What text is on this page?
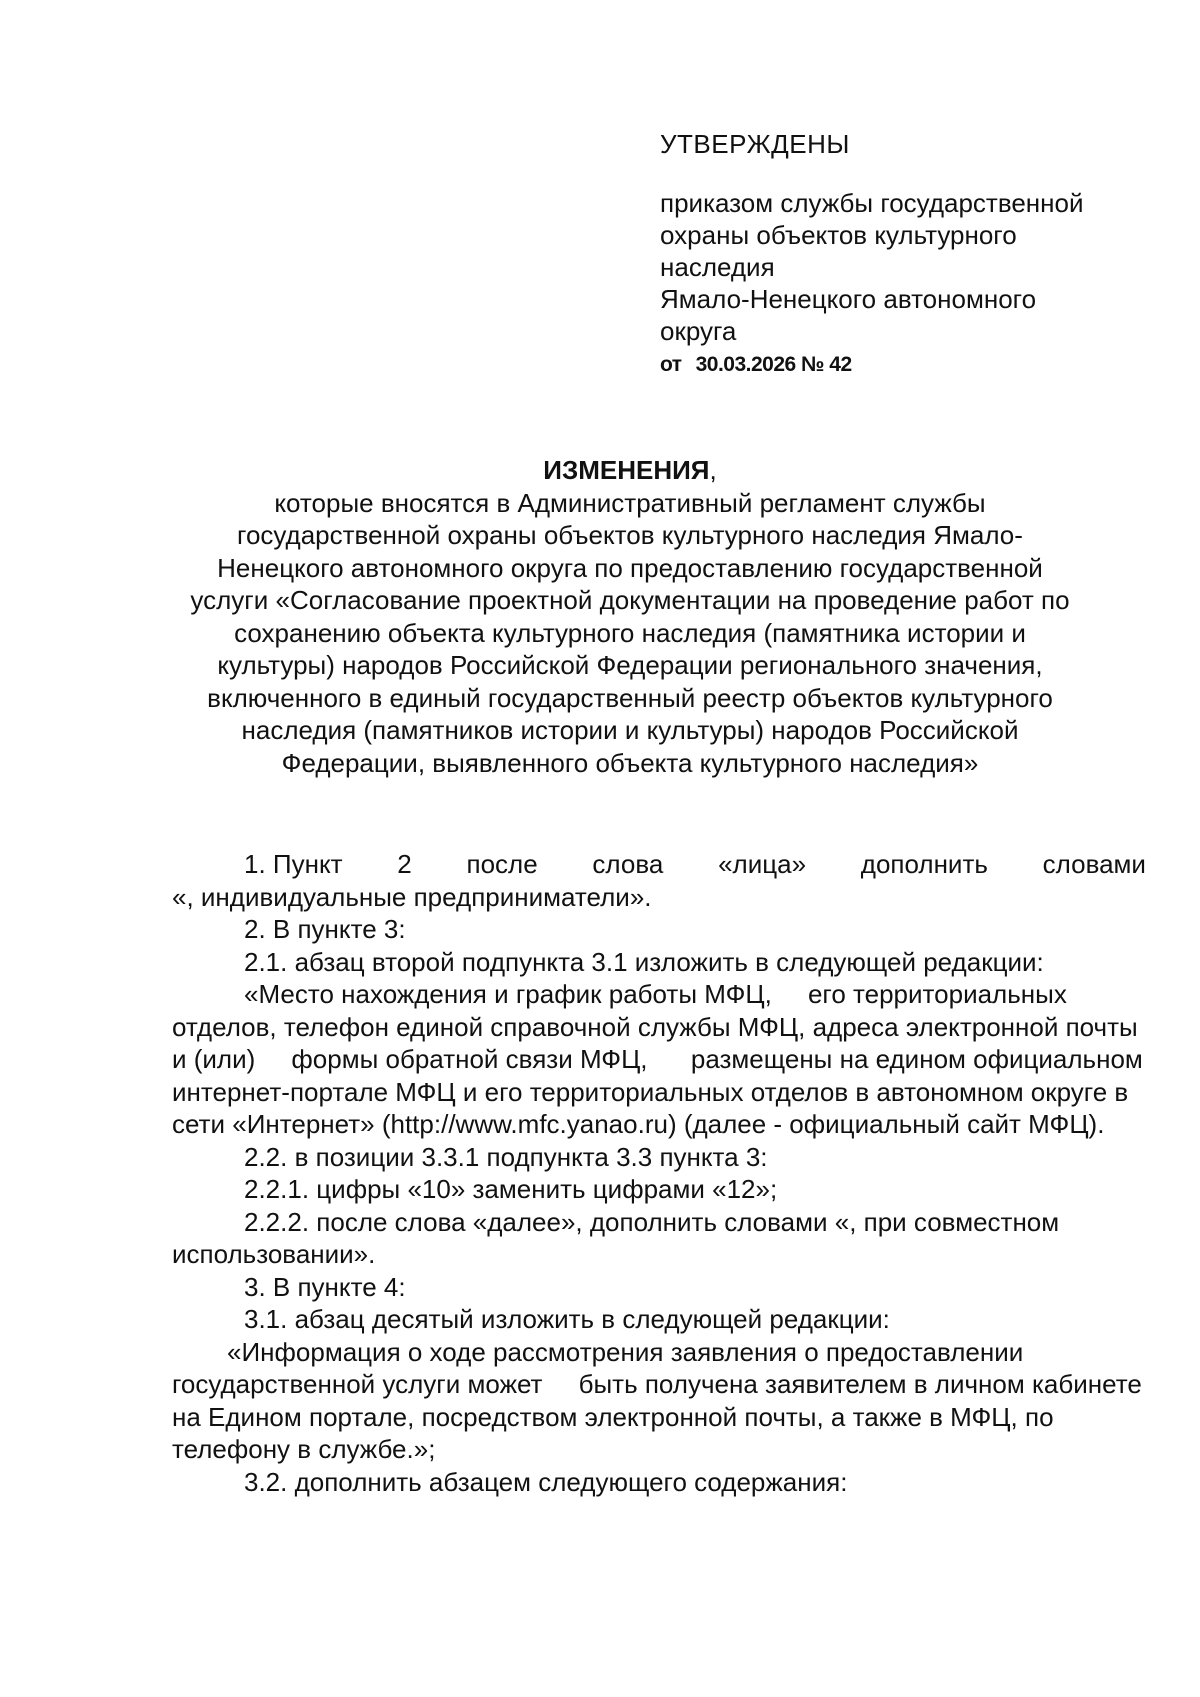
УТВЕРЖДЕНЫ
приказом службы государственной
охраны объектов культурного
наследия
Ямало-Ненецкого автономного
округа
от 30.03.2026 № 42
ИЗМЕНЕНИЯ,
которые вносятся в Административный регламент службы
государственной охраны объектов культурного наследия Ямало-
Ненецкого автономного округа по предоставлению государственной
услуги «Согласование проектной документации на проведение работ по
сохранению объекта культурного наследия (памятника истории и
культуры) народов Российской Федерации регионального значения,
включенного в единый государственный реестр объектов культурного
наследия (памятников истории и культуры) народов Российской
Федерации, выявленного объекта культурного наследия»
1. Пункт 2 после слова «лица» дополнить словами

«, индивидуальные предприниматели».

2. В пункте 3:

2.1. абзац второй подпункта 3.1 изложить в следующей редакции:

«Место нахождения и график работы МФЦ,     его территориальных отделов, телефон единой справочной службы МФЦ, адреса электронной почты и (или)     формы обратной связи МФЦ,      размещены на едином официальном интернет-портале МФЦ и его территориальных отделов в автономном округе в сети «Интернет» (http://www.mfc.yanao.ru) (далее - официальный сайт МФЦ).

2.2. в позиции 3.3.1 подпункта 3.3 пункта 3:

2.2.1. цифры «10» заменить цифрами «12»;

2.2.2. после слова «далее», дополнить словами «, при совместном использовании».

3. В пункте 4:

3.1. абзац десятый изложить в следующей редакции:

«Информация о ходе рассмотрения заявления о предоставлении государственной услуги может     быть получена заявителем в личном кабинете на Едином портале, посредством электронной почты, а также в МФЦ, по телефону в службе.»;

3.2. дополнить абзацем следующего содержания:
